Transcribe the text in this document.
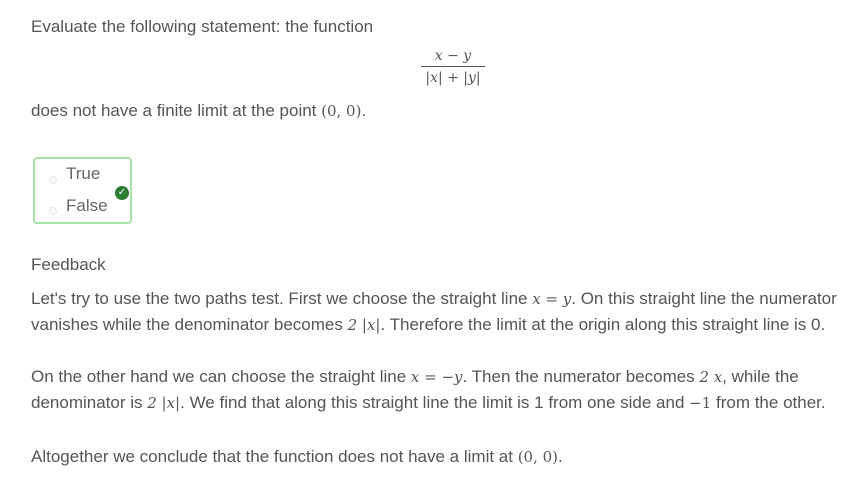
Evaluate the following statement: the function
x − y
|x| + |y|
does not have a finite limit at the point (0, 0).
True
False
✓
Feedback
Let's try to use the two paths test. First we choose the straight line x = y. On this straight line the numerator vanishes while the denominator becomes 2 |x|. Therefore the limit at the origin along this straight line is 0.
On the other hand we can choose the straight line x = −y. Then the numerator becomes 2 x, while the denominator is 2 |x|. We find that along this straight line the limit is 1 from one side and −1 from the other.
Altogether we conclude that the function does not have a limit at (0, 0).
